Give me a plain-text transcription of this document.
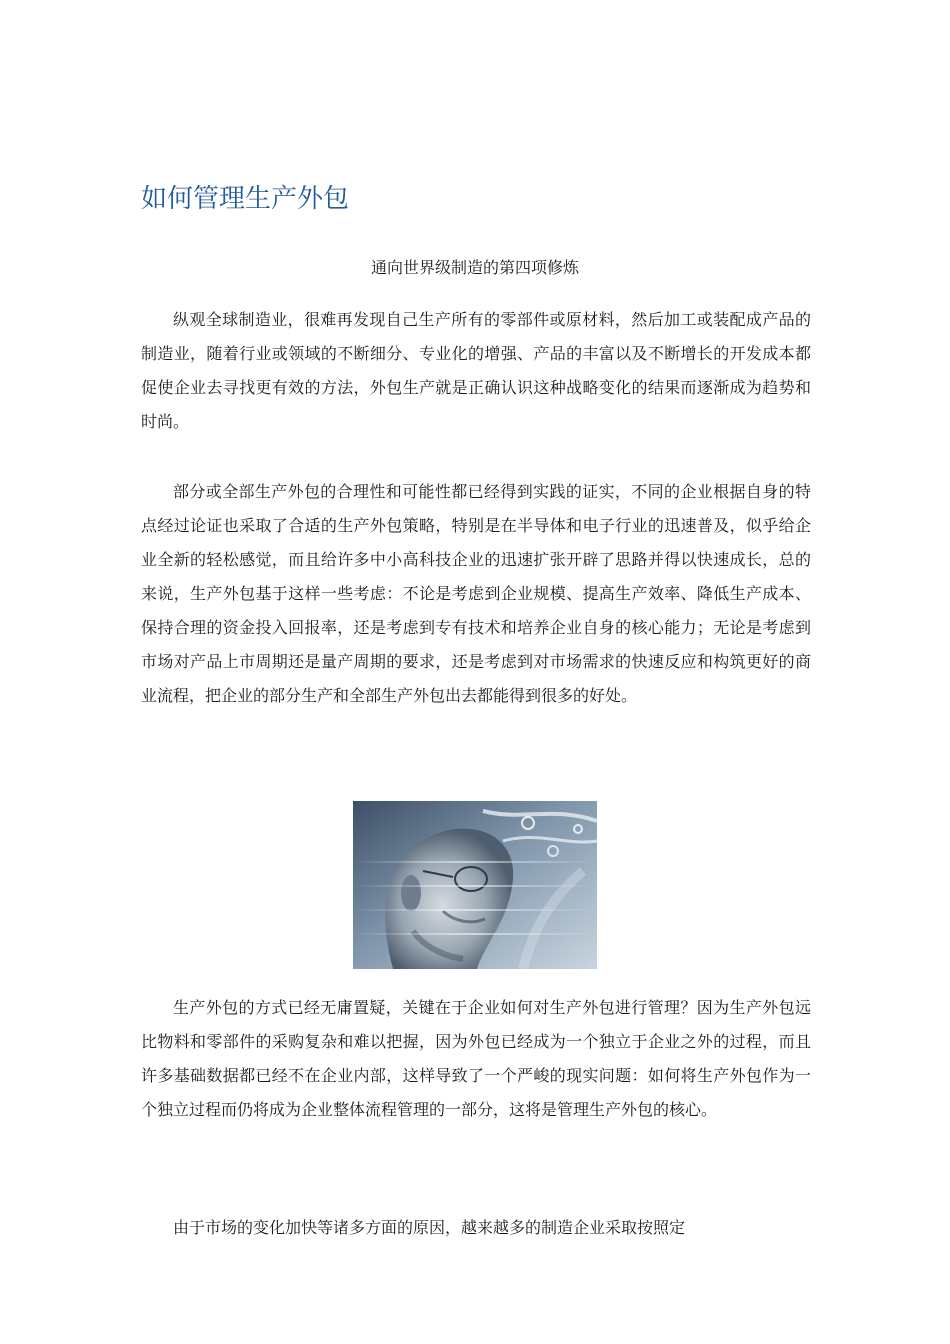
如何管理生产外包
通向世界级制造的第四项修炼

纵观全球制造业，很难再发现自己生产所有的零部件或原材料，然后加工或装配成产品的制造业，随着行业或领域的不断细分、专业化的增强、产品的丰富以及不断增长的开发成本都促使企业去寻找更有效的方法，外包生产就是正确认识这种战略变化的结果而逐渐成为趋势和时尚。

部分或全部生产外包的合理性和可能性都已经得到实践的证实，不同的企业根据自身的特点经过论证也采取了合适的生产外包策略，特别是在半导体和电子行业的迅速普及，似乎给企业全新的轻松感觉，而且给许多中小高科技企业的迅速扩张开辟了思路并得以快速成长，总的来说，生产外包基于这样一些考虑：不论是考虑到企业规模、提高生产效率、降低生产成本、保持合理的资金投入回报率，还是考虑到专有技术和培养企业自身的核心能力；无论是考虑到市场对产品上市周期还是量产周期的要求，还是考虑到对市场需求的快速反应和构筑更好的商业流程，把企业的部分生产和全部生产外包出去都能得到很多的好处。

生产外包的方式已经无庸置疑，关键在于企业如何对生产外包进行管理？因为生产外包远比物料和零部件的采购复杂和难以把握，因为外包已经成为一个独立于企业之外的过程，而且许多基础数据都已经不在企业内部，这样导致了一个严峻的现实问题：如何将生产外包作为一个独立过程而仍将成为企业整体流程管理的一部分，这将是管理生产外包的核心。

由于市场的变化加快等诸多方面的原因，越来越多的制造企业采取按照定
